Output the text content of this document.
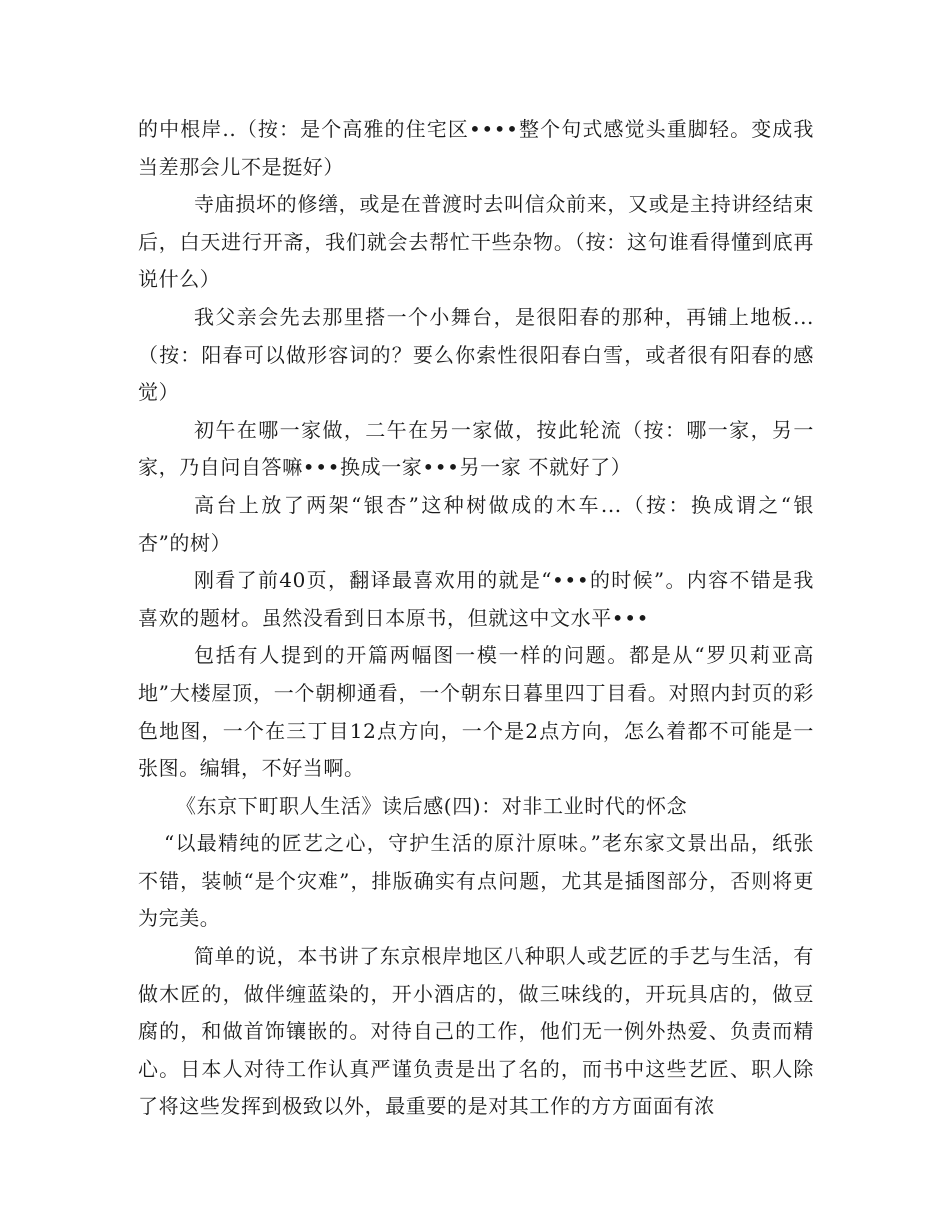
的中根岸..（按：是个高雅的住宅区••••整个句式感觉头重脚轻。变成我当差那会儿不是挺好）

寺庙损坏的修缮，或是在普渡时去叫信众前来，又或是主持讲经结束后，白天进行开斋，我们就会去帮忙干些杂物。（按：这句谁看得懂到底再说什么）

我父亲会先去那里搭一个小舞台，是很阳春的那种，再铺上地板...（按：阳春可以做形容词的？要么你索性很阳春白雪，或者很有阳春的感觉）

初午在哪一家做，二午在另一家做，按此轮流（按：哪一家，另一家，乃自问自答嘛•••换成一家•••另一家 不就好了）

高台上放了两架“银杏”这种树做成的木车...（按：换成谓之“银杏”的树）

刚看了前40页，翻译最喜欢用的就是“•••的时候”。内容不错是我喜欢的题材。虽然没看到日本原书，但就这中文水平•••

包括有人提到的开篇两幅图一模一样的问题。都是从“罗贝莉亚高地”大楼屋顶，一个朝柳通看，一个朝东日暮里四丁目看。对照内封页的彩色地图，一个在三丁目12点方向，一个是2点方向，怎么着都不可能是一张图。编辑，不好当啊。

《东京下町职人生活》读后感(四)：对非工业时代的怀念

“以最精纯的匠艺之心，守护生活的原汁原味。”老东家文景出品，纸张不错，装帧“是个灾难”，排版确实有点问题，尤其是插图部分，否则将更为完美。

简单的说，本书讲了东京根岸地区八种职人或艺匠的手艺与生活，有做木匠的，做伴缠蓝染的，开小酒店的，做三味线的，开玩具店的，做豆腐的，和做首饰镶嵌的。对待自己的工作，他们无一例外热爱、负责而精心。日本人对待工作认真严谨负责是出了名的，而书中这些艺匠、职人除了将这些发挥到极致以外，最重要的是对其工作的方方面面有浓
